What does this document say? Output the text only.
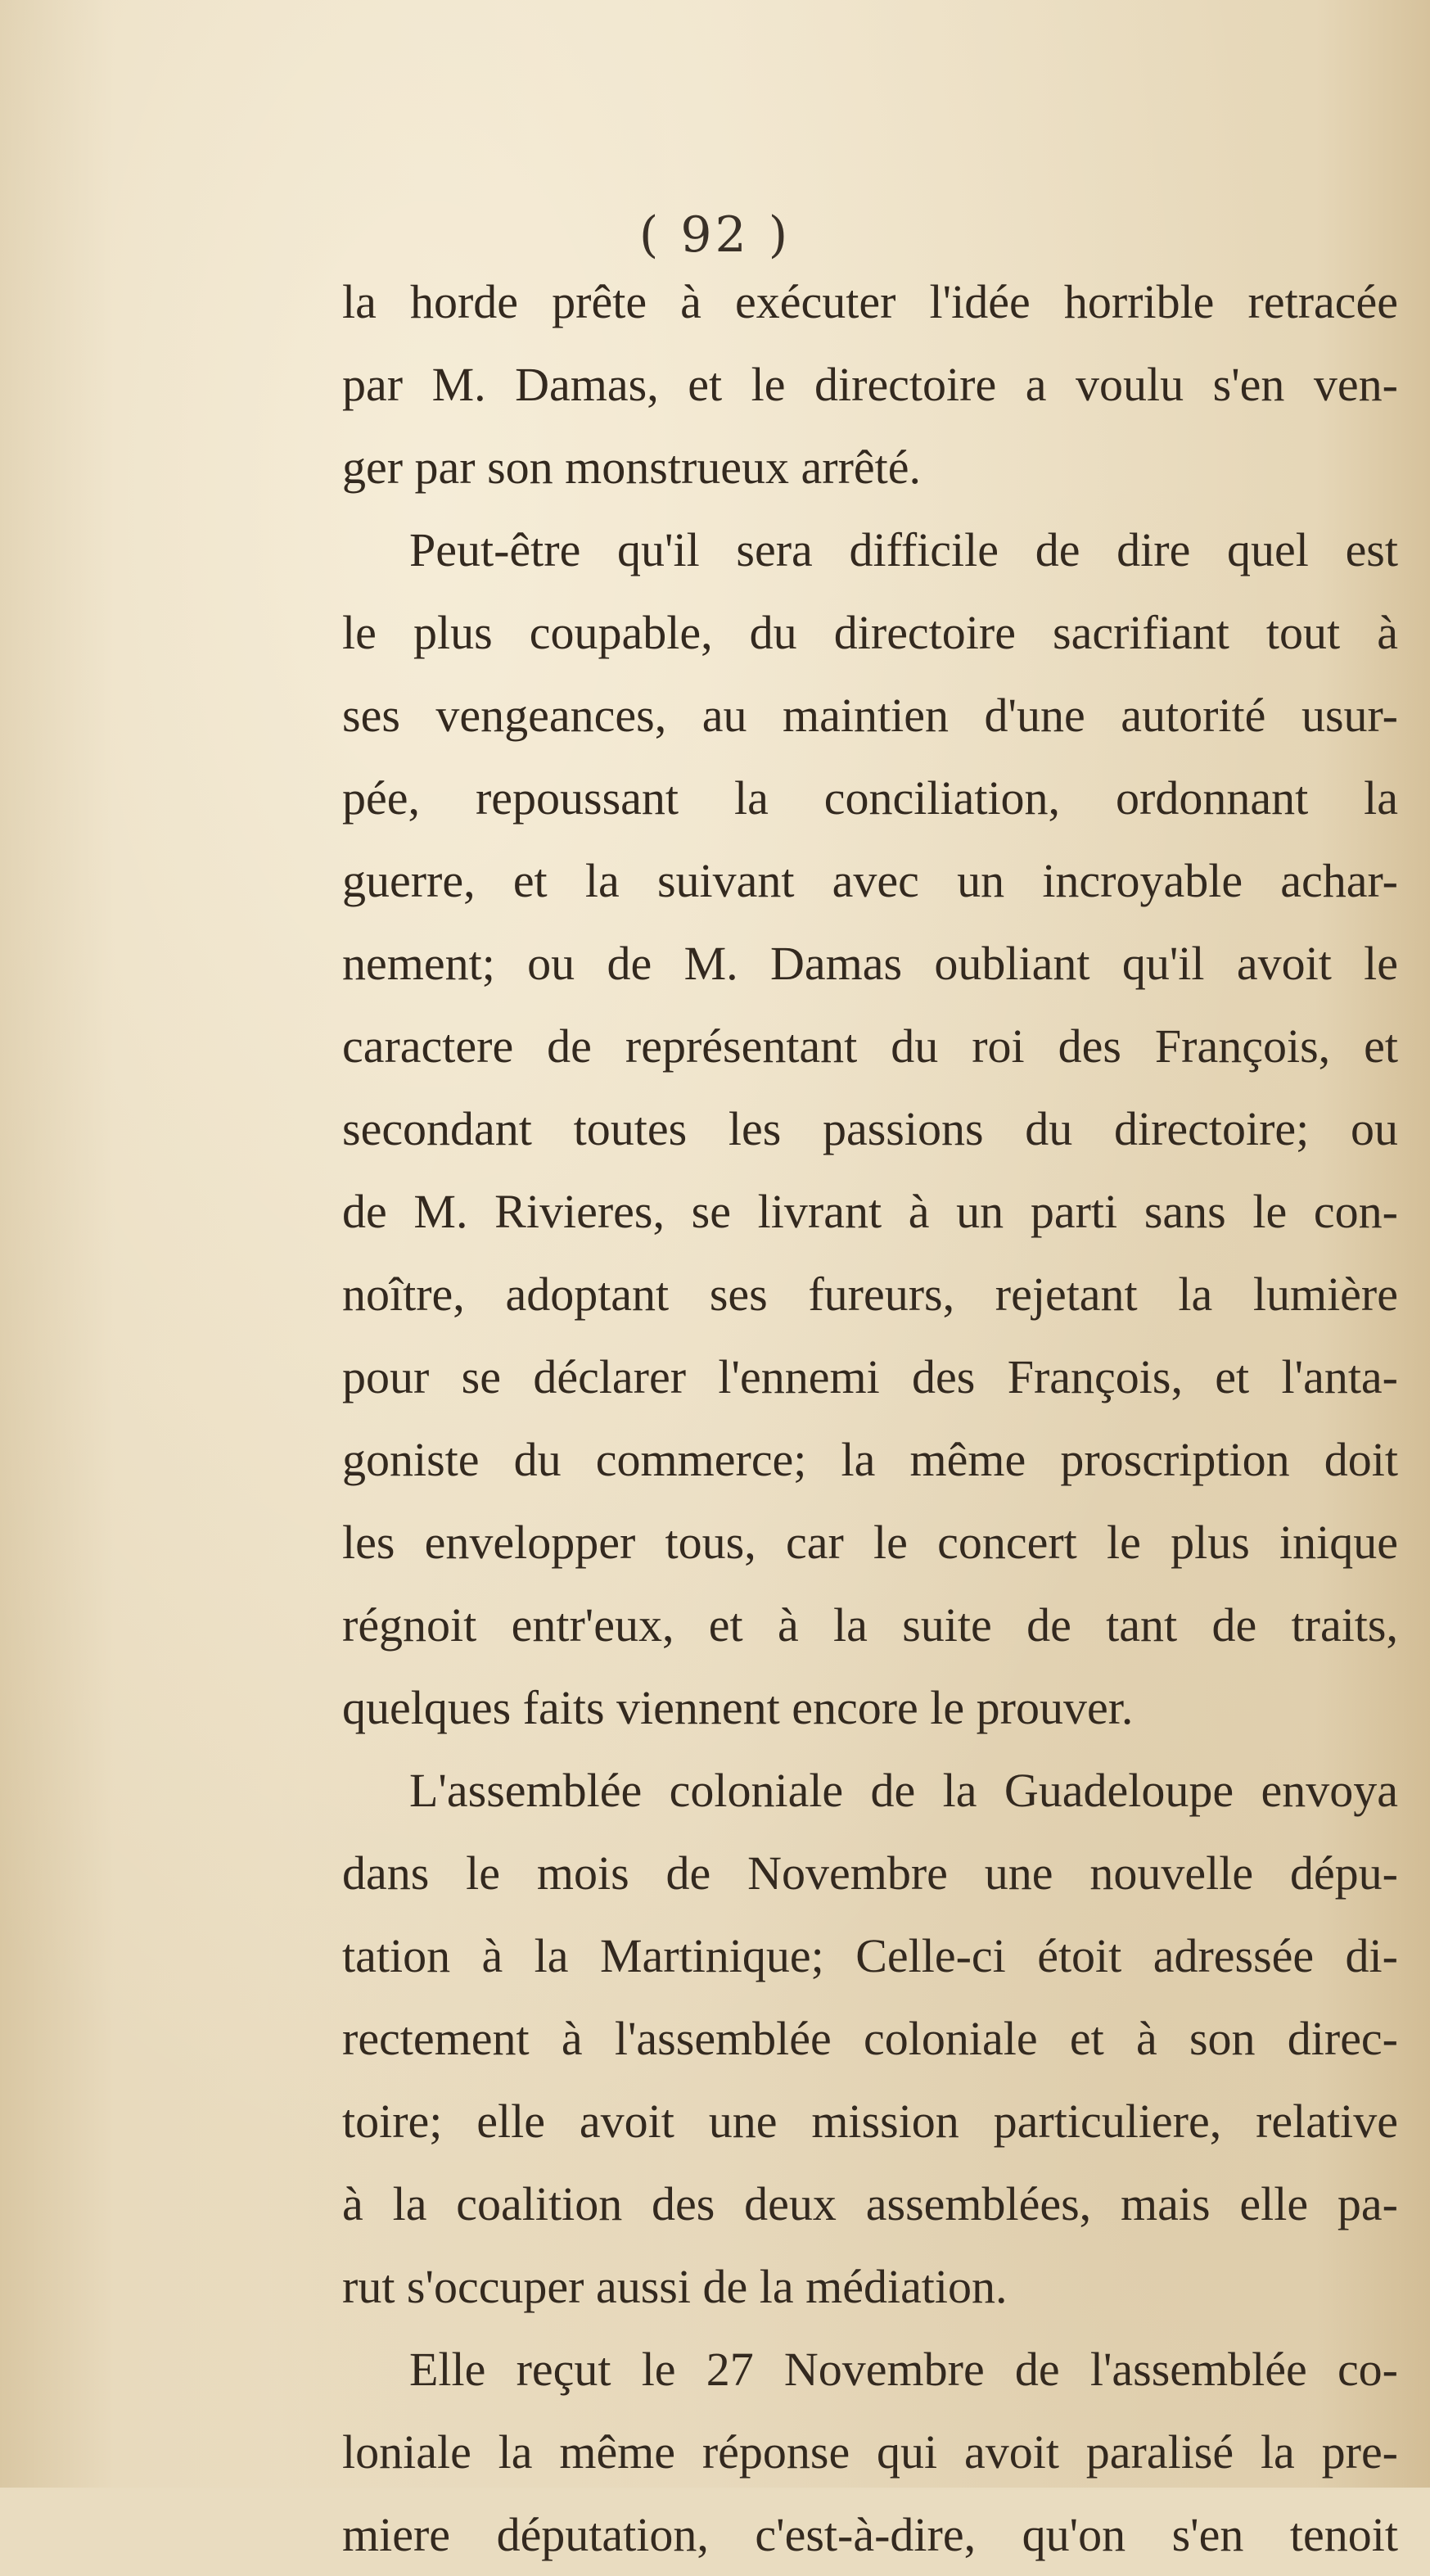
( 92 )
la horde prête à exécuter l'idée horrible retracée
par M. Damas, et le directoire a voulu s'en ven-
ger par son monstrueux arrêté.
Peut-être qu'il sera difficile de dire quel est
le plus coupable, du directoire sacrifiant tout à
ses vengeances, au maintien d'une autorité usur-
pée, repoussant la conciliation, ordonnant la
guerre, et la suivant avec un incroyable achar-
nement; ou de M. Damas oubliant qu'il avoit le
caractere de représentant du roi des François, et
secondant toutes les passions du directoire; ou
de M. Rivieres, se livrant à un parti sans le con-
noître, adoptant ses fureurs, rejetant la lumière
pour se déclarer l'ennemi des François, et l'anta-
goniste du commerce; la même proscription doit
les envelopper tous, car le concert le plus inique
régnoit entr'eux, et à la suite de tant de traits,
quelques faits viennent encore le prouver.
L'assemblée coloniale de la Guadeloupe envoya
dans le mois de Novembre une nouvelle dépu-
tation à la Martinique; Celle-ci étoit adressée di-
rectement à l'assemblée coloniale et à son direc-
toire; elle avoit une mission particuliere, relative
à la coalition des deux assemblées, mais elle pa-
rut s'occuper aussi de la médiation.
Elle reçut le 27 Novembre de l'assemblée co-
loniale la même réponse qui avoit paralisé la pre-
miere députation, c'est-à-dire, qu'on s'en tenoit
